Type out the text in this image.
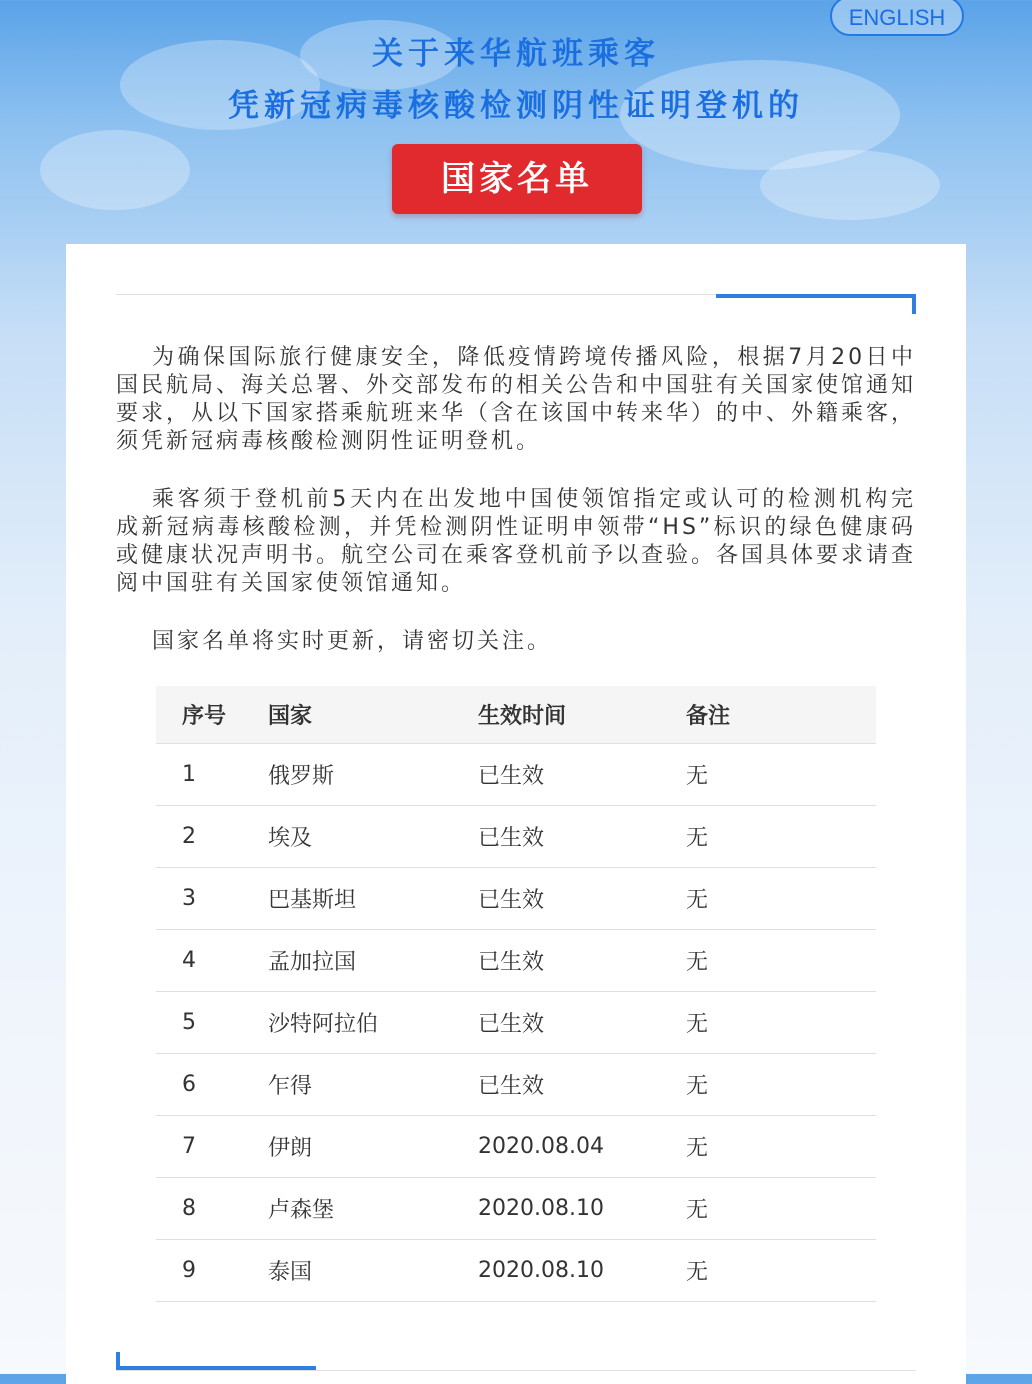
关于来华航班乘客
凭新冠病毒核酸检测阴性证明登机的
ENGLISH
国家名单

为确保国际旅行健康安全，降低疫情跨境传播风险，根据7月20日中国民航局、海关总署、外交部发布的相关公告和中国驻有关国家使馆通知要求，从以下国家搭乘航班来华（含在该国中转来华）的中、外籍乘客，须凭新冠病毒核酸检测阴性证明登机。

乘客须于登机前5天内在出发地中国使领馆指定或认可的检测机构完成新冠病毒核酸检测，并凭检测阴性证明申领带“HS”标识的绿色健康码或健康状况声明书。航空公司在乘客登机前予以查验。各国具体要求请查阅中国驻有关国家使领馆通知。

国家名单将实时更新，请密切关注。

序号	国家	生效时间	备注
1	俄罗斯	已生效	无
2	埃及	已生效	无
3	巴基斯坦	已生效	无
4	孟加拉国	已生效	无
5	沙特阿拉伯	已生效	无
6	乍得	已生效	无
7	伊朗	2020.08.04	无
8	卢森堡	2020.08.10	无
9	泰国	2020.08.10	无
